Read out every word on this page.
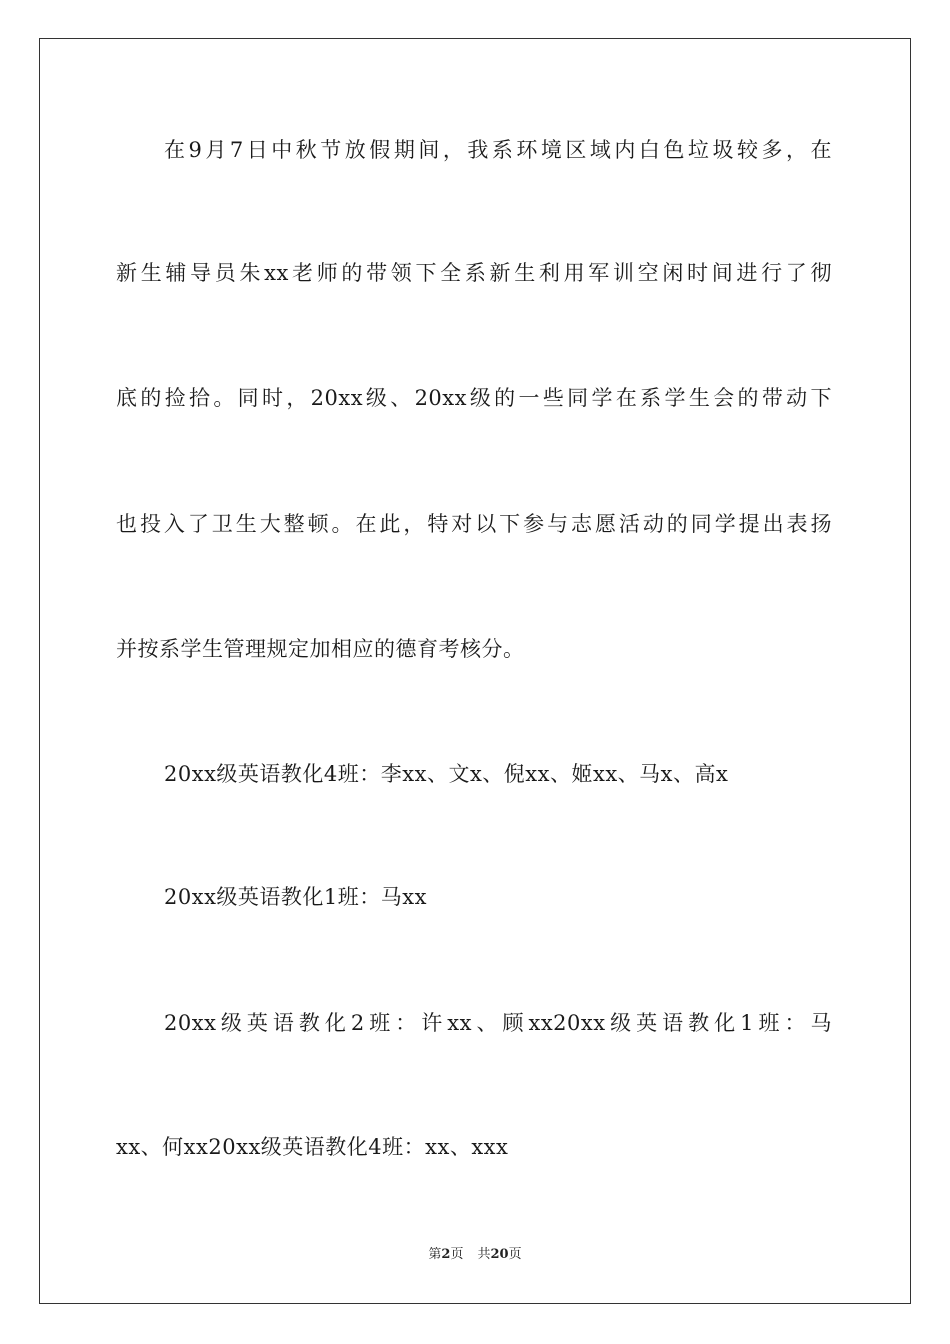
在9月7日中秋节放假期间，我系环境区域内白色垃圾较多，在
新生辅导员朱xx老师的带领下全系新生利用军训空闲时间进行了彻
底的捡拾。同时，20xx级、20xx级的一些同学在系学生会的带动下
也投入了卫生大整顿。在此，特对以下参与志愿活动的同学提出表扬
并按系学生管理规定加相应的德育考核分。
20xx级英语教化4班：李xx、文x、倪xx、姬xx、马x、高x
20xx级英语教化1班：马xx
20xx级英语教化2班：许xx、顾xx20xx级英语教化1班：马
xx、何xx20xx级英语教化4班：xx、xxx
第2页 共20页
